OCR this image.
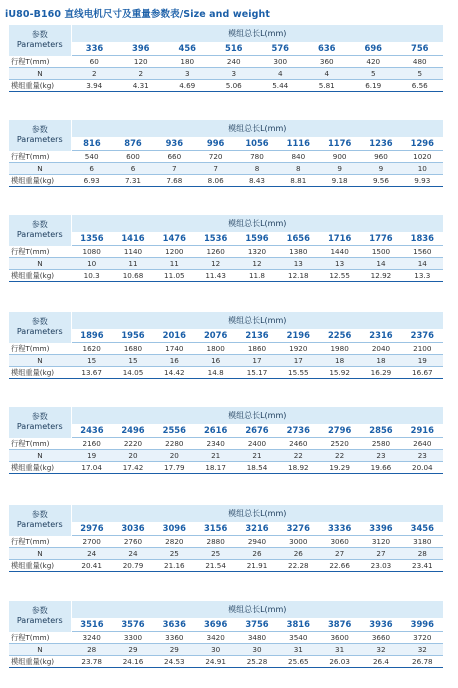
iU80-B160 直线电机尺寸及重量参数表/Size and weight
参数
Parameters	模组总长L(mm)							
	336	396	456	516	576	636	696	756
行程T(mm)	60	120	180	240	300	360	420	480
N	2	2	3	3	4	4	5	5
模组重量(kg)	3.94	4.31	4.69	5.06	5.44	5.81	6.19	6.56
参数
Parameters	模组总长L(mm)								
	816	876	936	996	1056	1116	1176	1236	1296
行程T(mm)	540	600	660	720	780	840	900	960	1020
N	6	6	7	7	8	8	9	9	10
模组重量(kg)	6.93	7.31	7.68	8.06	8.43	8.81	9.18	9.56	9.93
参数
Parameters	模组总长L(mm)								
	1356	1416	1476	1536	1596	1656	1716	1776	1836
行程T(mm)	1080	1140	1200	1260	1320	1380	1440	1500	1560
N	10	11	11	12	12	13	13	14	14
模组重量(kg)	10.3	10.68	11.05	11.43	11.8	12.18	12.55	12.92	13.3
参数
Parameters	模组总长L(mm)								
	1896	1956	2016	2076	2136	2196	2256	2316	2376
行程T(mm)	1620	1680	1740	1800	1860	1920	1980	2040	2100
N	15	15	16	16	17	17	18	18	19
模组重量(kg)	13.67	14.05	14.42	14.8	15.17	15.55	15.92	16.29	16.67
参数
Parameters	模组总长L(mm)								
	2436	2496	2556	2616	2676	2736	2796	2856	2916
行程T(mm)	2160	2220	2280	2340	2400	2460	2520	2580	2640
N	19	20	20	21	21	22	22	23	23
模组重量(kg)	17.04	17.42	17.79	18.17	18.54	18.92	19.29	19.66	20.04
参数
Parameters	模组总长L(mm)								
	2976	3036	3096	3156	3216	3276	3336	3396	3456
行程T(mm)	2700	2760	2820	2880	2940	3000	3060	3120	3180
N	24	24	25	25	26	26	27	27	28
模组重量(kg)	20.41	20.79	21.16	21.54	21.91	22.28	22.66	23.03	23.41
参数
Parameters	模组总长L(mm)								
	3516	3576	3636	3696	3756	3816	3876	3936	3996
行程T(mm)	3240	3300	3360	3420	3480	3540	3600	3660	3720
N	28	29	29	30	30	31	31	32	32
模组重量(kg)	23.78	24.16	24.53	24.91	25.28	25.65	26.03	26.4	26.78
